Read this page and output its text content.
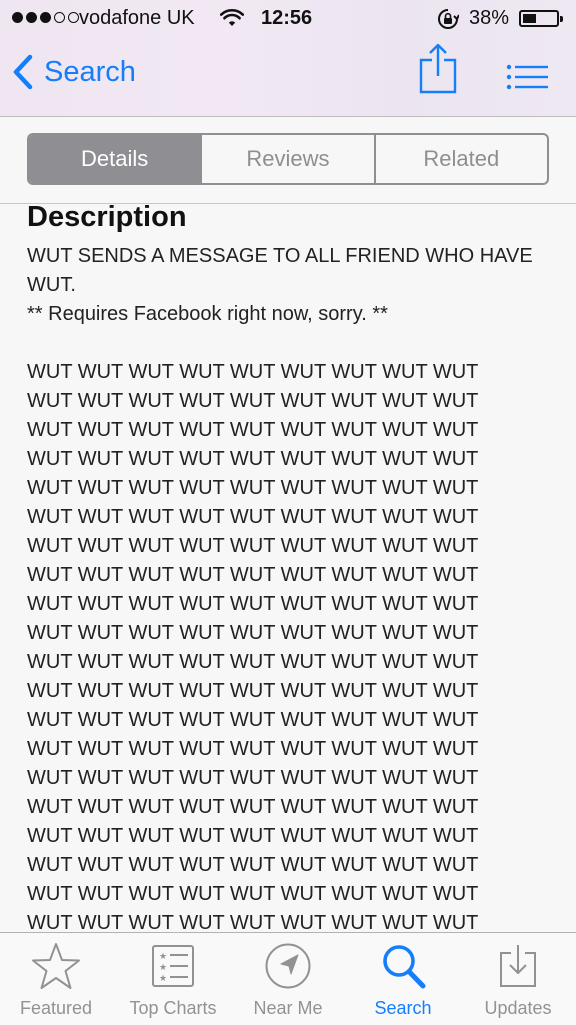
vodafone UK	12:56	38%
Search
Details	Reviews	Related
Description

WUT SENDS A MESSAGE TO ALL FRIEND WHO HAVE WUT.

** Requires Facebook right now, sorry. **

WUT WUT WUT WUT WUT WUT WUT WUT WUT
WUT WUT WUT WUT WUT WUT WUT WUT WUT
WUT WUT WUT WUT WUT WUT WUT WUT WUT
WUT WUT WUT WUT WUT WUT WUT WUT WUT
WUT WUT WUT WUT WUT WUT WUT WUT WUT
WUT WUT WUT WUT WUT WUT WUT WUT WUT
WUT WUT WUT WUT WUT WUT WUT WUT WUT
WUT WUT WUT WUT WUT WUT WUT WUT WUT
WUT WUT WUT WUT WUT WUT WUT WUT WUT
WUT WUT WUT WUT WUT WUT WUT WUT WUT
WUT WUT WUT WUT WUT WUT WUT WUT WUT
WUT WUT WUT WUT WUT WUT WUT WUT WUT
WUT WUT WUT WUT WUT WUT WUT WUT WUT
WUT WUT WUT WUT WUT WUT WUT WUT WUT
WUT WUT WUT WUT WUT WUT WUT WUT WUT
WUT WUT WUT WUT WUT WUT WUT WUT WUT
WUT WUT WUT WUT WUT WUT WUT WUT WUT
WUT WUT WUT WUT WUT WUT WUT WUT WUT
WUT WUT WUT WUT WUT WUT WUT WUT WUT
WUT WUT WUT WUT WUT WUT WUT WUT WUT
Featured
★
★
★
Top Charts Near Me	Search	Updates
